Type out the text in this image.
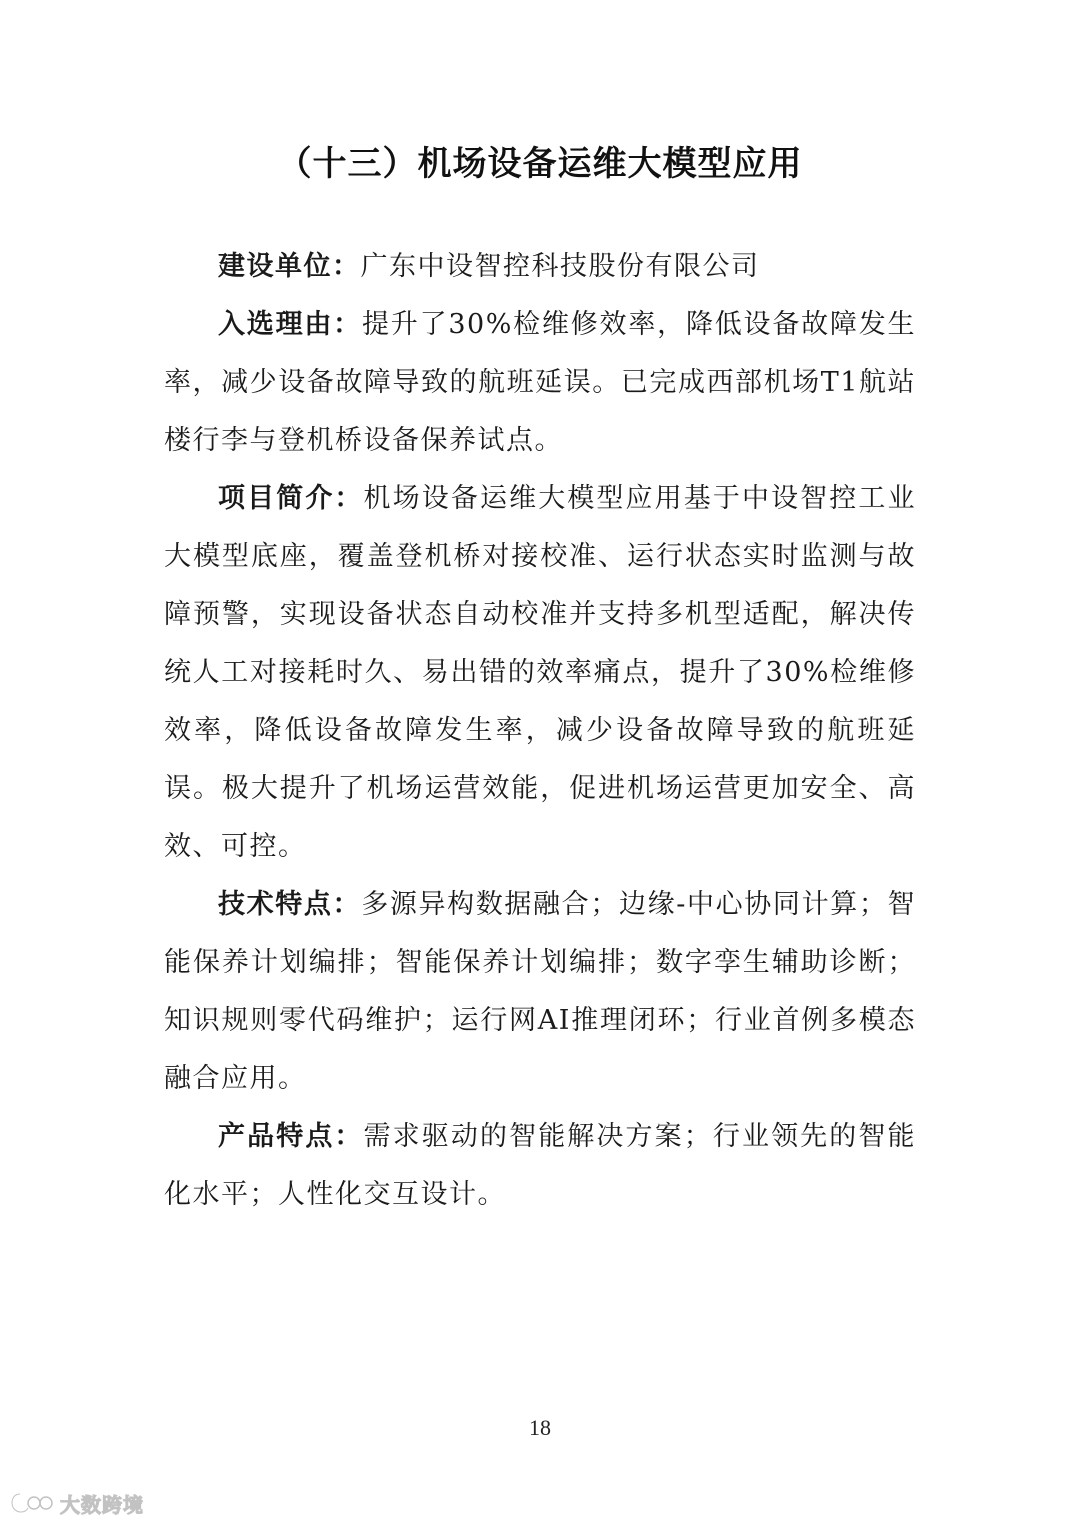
（十三）机场设备运维大模型应用

建设单位：广东中设智控科技股份有限公司

入选理由：提升了30%检维修效率，降低设备故障发生率，减少设备故障导致的航班延误。已完成西部机场T1航站楼行李与登机桥设备保养试点。

项目简介：机场设备运维大模型应用基于中设智控工业大模型底座，覆盖登机桥对接校准、运行状态实时监测与故障预警，实现设备状态自动校准并支持多机型适配，解决传统人工对接耗时久、易出错的效率痛点，提升了30%检维修效率，降低设备故障发生率，减少设备故障导致的航班延误。极大提升了机场运营效能，促进机场运营更加安全、高效、可控。

技术特点：多源异构数据融合；边缘-中心协同计算；智能保养计划编排；智能保养计划编排；数字孪生辅助诊断；知识规则零代码维护；运行网AI推理闭环；行业首例多模态融合应用。

产品特点：需求驱动的智能解决方案；行业领先的智能化水平；人性化交互设计。

18
大数跨境
